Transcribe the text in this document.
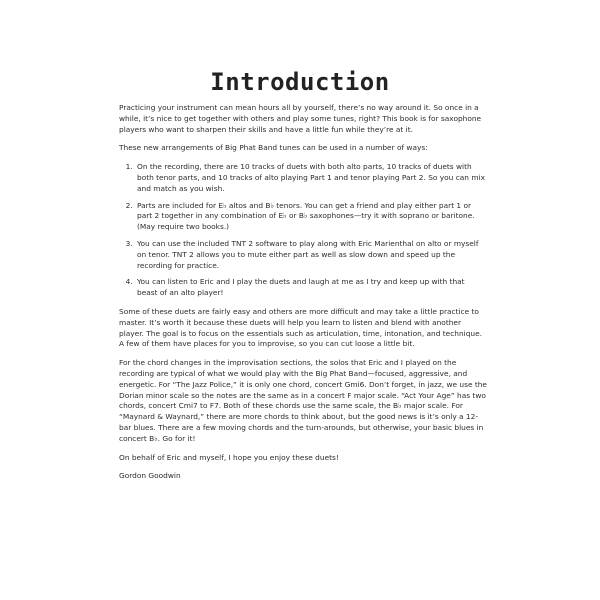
Introduction

Practicing your instrument can mean hours all by yourself, there’s no way around it. So once in a while, it’s nice to get together with others and play some tunes, right? This book is for saxophone players who want to sharpen their skills and have a little fun while they’re at it.

These new arrangements of Big Phat Band tunes can be used in a number of ways:

1. On the recording, there are 10 tracks of duets with both alto parts, 10 tracks of duets with both tenor parts, and 10 tracks of alto playing Part 1 and tenor playing Part 2. So you can mix and match as you wish.
2. Parts are included for E♭ altos and B♭ tenors. You can get a friend and play either part 1 or part 2 together in any combination of E♭ or B♭ saxophones—try it with soprano or baritone. (May require two books.)
3. You can use the included TNT 2 software to play along with Eric Marienthal on alto or myself on tenor. TNT 2 allows you to mute either part as well as slow down and speed up the recording for practice.
4. You can listen to Eric and I play the duets and laugh at me as I try and keep up with that beast of an alto player!

Some of these duets are fairly easy and others are more difficult and may take a little practice to master. It’s worth it because these duets will help you learn to listen and blend with another player. The goal is to focus on the essentials such as articulation, time, intonation, and technique. A few of them have places for you to improvise, so you can cut loose a little bit.

For the chord changes in the improvisation sections, the solos that Eric and I played on the recording are typical of what we would play with the Big Phat Band—focused, aggressive, and energetic. For “The Jazz Police,” it is only one chord, concert Gmi6. Don’t forget, in jazz, we use the Dorian minor scale so the notes are the same as in a concert F major scale. “Act Your Age” has two chords, concert Cmi7 to F7. Both of these chords use the same scale, the B♭ major scale. For “Maynard & Waynard,” there are more chords to think about, but the good news is it’s only a 12-bar blues. There are a few moving chords and the turn-arounds, but otherwise, your basic blues in concert B♭. Go for it!

On behalf of Eric and myself, I hope you enjoy these duets!

Gordon Goodwin
